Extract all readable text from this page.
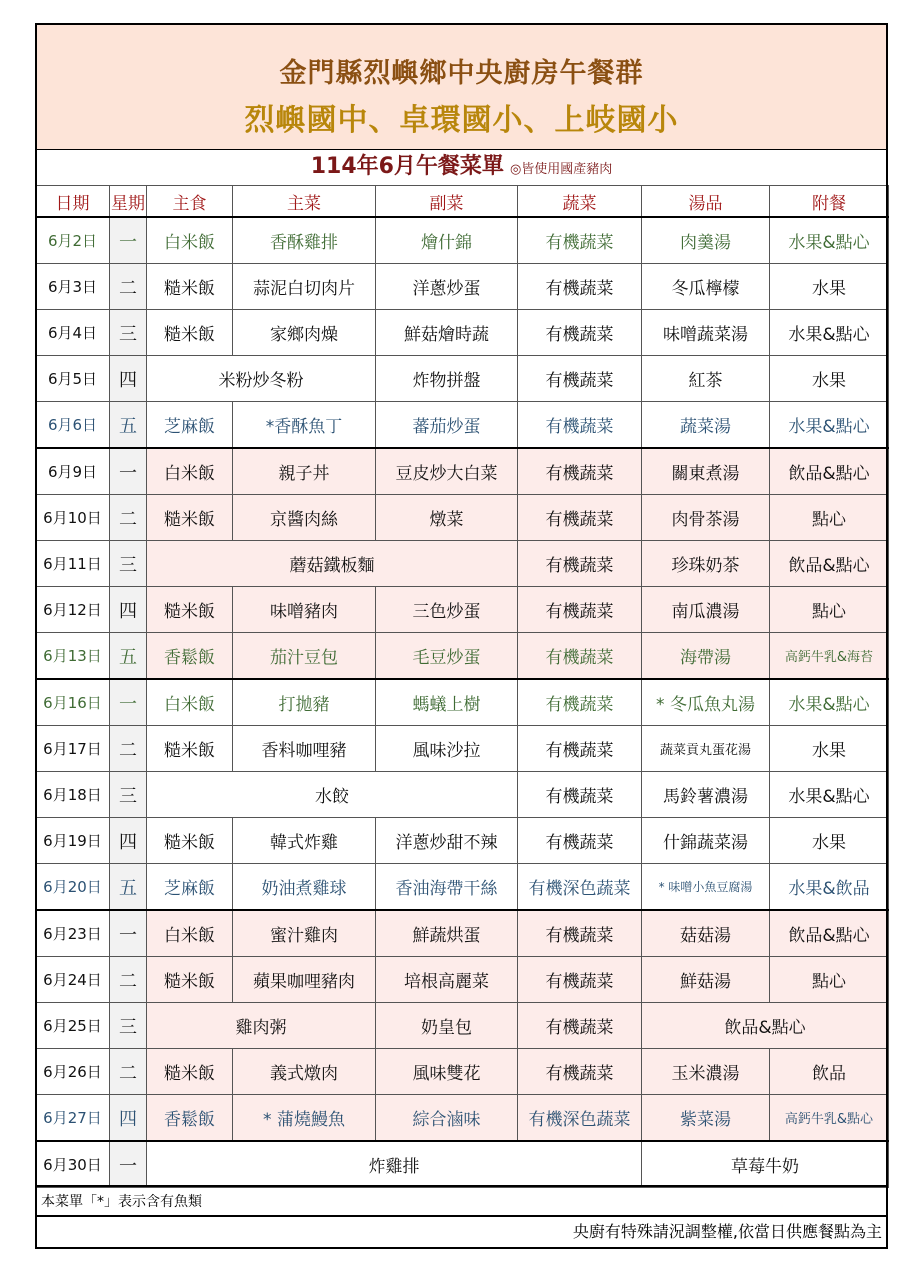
金門縣烈嶼鄉中央廚房午餐群
烈嶼國中、卓環國小、上岐國小
114年6月午餐菜單 ◎皆使用國產豬肉
日期	星期	主食	主菜	副菜	蔬菜	湯品	附餐
6月2日	一	白米飯	香酥雞排	燴什錦	有機蔬菜	肉羹湯	水果&點心
6月3日	二	糙米飯	蒜泥白切肉片	洋蔥炒蛋	有機蔬菜	冬瓜檸檬	水果
6月4日	三	糙米飯	家鄉肉燥	鮮菇燴時蔬	有機蔬菜	味噌蔬菜湯	水果&點心
6月5日	四	米粉炒冬粉		炸物拼盤	有機蔬菜	紅茶	水果
6月6日	五	芝麻飯	*香酥魚丁	蕃茄炒蛋	有機蔬菜	蔬菜湯	水果&點心
6月9日	一	白米飯	親子丼	豆皮炒大白菜	有機蔬菜	關東煮湯	飲品&點心
6月10日	二	糙米飯	京醬肉絲	燉菜	有機蔬菜	肉骨茶湯	點心
6月11日	三	蘑菇鐵板麵			有機蔬菜	珍珠奶茶	飲品&點心
6月12日	四	糙米飯	味噌豬肉	三色炒蛋	有機蔬菜	南瓜濃湯	點心
6月13日	五	香鬆飯	茄汁豆包	毛豆炒蛋	有機蔬菜	海帶湯	高鈣牛乳&海苔
6月16日	一	白米飯	打拋豬	螞蟻上樹	有機蔬菜	* 冬瓜魚丸湯	水果&點心
6月17日	二	糙米飯	香料咖哩豬	風味沙拉	有機蔬菜	蔬菜貢丸蛋花湯	水果
6月18日	三	水餃			有機蔬菜	馬鈴薯濃湯	水果&點心
6月19日	四	糙米飯	韓式炸雞	洋蔥炒甜不辣	有機蔬菜	什錦蔬菜湯	水果
6月20日	五	芝麻飯	奶油煮雞球	香油海帶干絲	有機深色蔬菜	* 味噌小魚豆腐湯	水果&飲品
6月23日	一	白米飯	蜜汁雞肉	鮮蔬烘蛋	有機蔬菜	菇菇湯	飲品&點心
6月24日	二	糙米飯	蘋果咖哩豬肉	培根高麗菜	有機蔬菜	鮮菇湯	點心
6月25日	三	雞肉粥		奶皇包	有機蔬菜	飲品&點心	
6月26日	二	糙米飯	義式燉肉	風味雙花	有機蔬菜	玉米濃湯	飲品
6月27日	四	香鬆飯	* 蒲燒鰻魚	綜合滷味	有機深色蔬菜	紫菜湯	高鈣牛乳&點心
6月30日	一	炸雞排				草莓牛奶	
本菜單「*」表示含有魚類
央廚有特殊請況調整權,依當日供應餐點為主
